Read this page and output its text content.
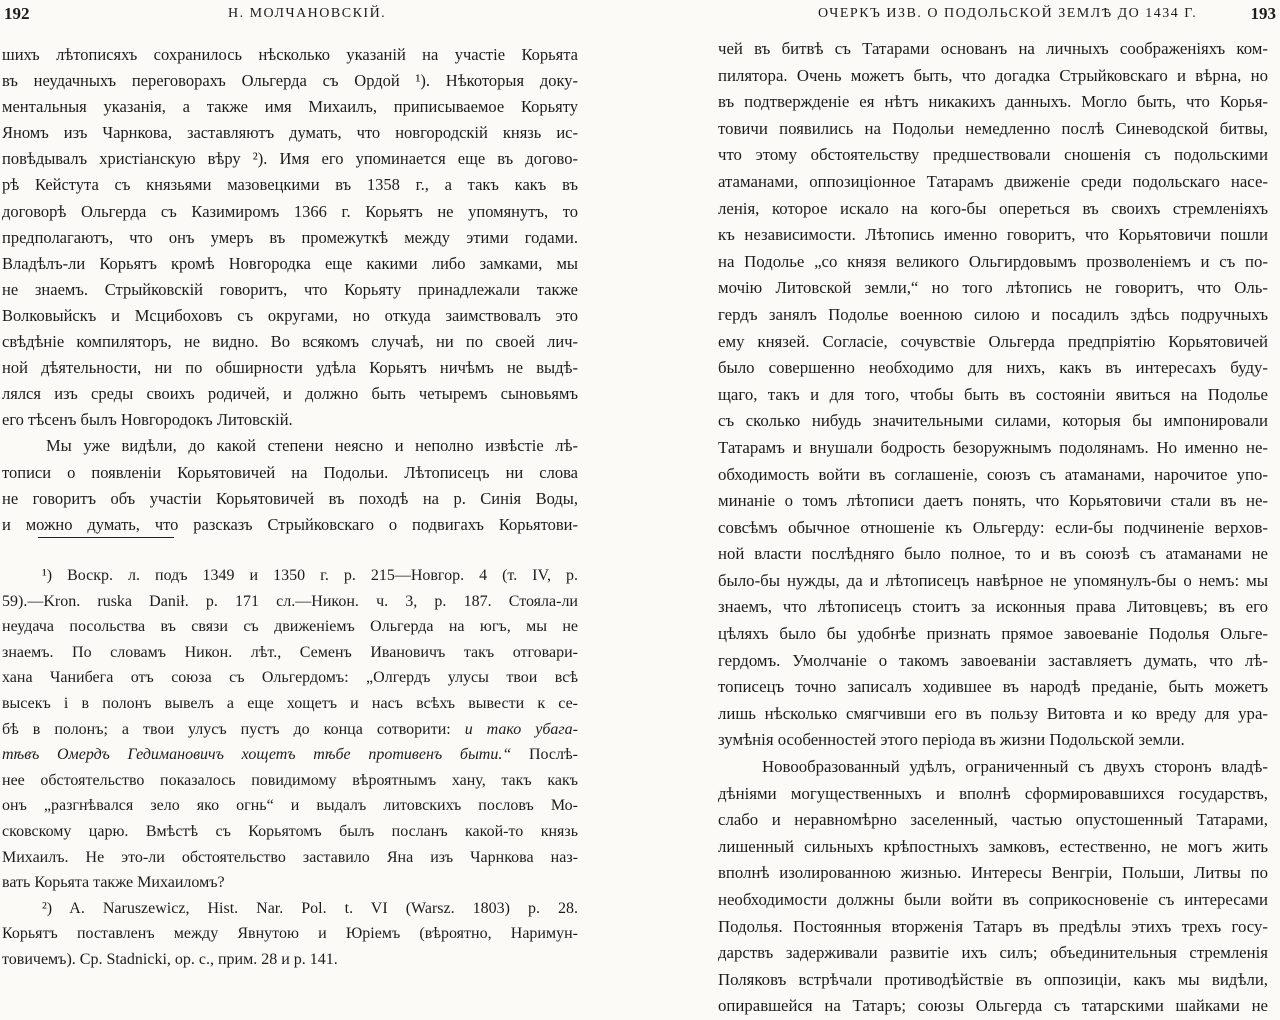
192	Н. МОЛЧАНОВСКІЙ.
шихъ лѣтописяхъ сохранилось нѣсколько указаній на участіе Корьята
въ неудачныхъ переговорахъ Ольгерда съ Ордой ¹). Нѣкоторыя доку-
ментальныя указанія, а также имя Михаилъ, приписываемое Корьяту
Яномъ изъ Чарнкова, заставляютъ думать, что новгородскій князь ис-
повѣдывалъ христіанскую вѣру ²). Имя его упоминается еще въ догово-
рѣ Кейстута съ князьями мазовецкими въ 1358 г., а такъ какъ въ
договорѣ Ольгерда съ Казимиромъ 1366 г. Корьятъ не упомянутъ, то
предполагаютъ, что онъ умеръ въ промежуткѣ между этими годами.
Владѣлъ-ли Корьятъ кромѣ Новгородка еще какими либо замками, мы
не знаемъ. Стрыйковскій говоритъ, что Корьяту принадлежали также
Волковыйскъ и Мсцибоховъ съ округами, но откуда заимствовалъ это
свѣдѣніе компиляторъ, не видно. Во всякомъ случаѣ, ни по своей лич-
ной дѣятельности, ни по обширности удѣла Корьятъ ничѣмъ не выдѣ-
лялся изъ среды своихъ родичей, и должно быть четыремъ сыновьямъ
его тѣсенъ былъ Новгородокъ Литовскій.
Мы уже видѣли, до какой степени неясно и неполно извѣстіе лѣ-
тописи о появленіи Корьятовичей на Подольи. Лѣтописецъ ни слова
не говоритъ объ участіи Корьятовичей въ походѣ на р. Синія Воды,
и можно думать, что разсказъ Стрыйковскаго о подвигахъ Корьятови-
¹) Воскр. л. подъ 1349 и 1350 г. р. 215—Новгор. 4 (т. IV, р.
59).—Kron. ruska Danił. p. 171 сл.—Никон. ч. 3, р. 187. Стояла-ли
неудача посольства въ связи съ движеніемъ Ольгерда на югъ, мы не
знаемъ. По словамъ Никон. лѣт., Семенъ Ивановичъ такъ отговари-
хана Чанибега отъ союза съ Ольгердомъ: „Олгердъ улусы твои всѣ
высекъ і в полонъ вывелъ а еще хощетъ и насъ всѣхъ вывести к се-
бѣ в полонъ; а твои улусъ пустъ до конца сотворити: и тако убага-
тѣвъ Омердъ Гедимановичъ хощетъ тѣбе противенъ быти.“ Послѣ-
нее обстоятельство показалось повидимому вѣроятнымъ хану, такъ какъ
онъ „разгнѣвался зело яко огнь“ и выдалъ литовскихъ пословъ Мо-
сковскому царю. Вмѣстѣ съ Корьятомъ былъ посланъ какой-то князь
Михаилъ. Не это-ли обстоятельство заставило Яна изъ Чарнкова наз-
вать Корьята также Михаиломъ?
²) A. Naruszewicz, Hist. Nar. Pol. t. VI (Warsz. 1803) p. 28.
Корьятъ поставленъ между Явнутою и Юріемъ (вѣроятно, Наримун-
товичемъ). Cp. Stadnicki, op. c., прим. 28 и р. 141.
ОЧЕРКЪ ИЗВ. О ПОДОЛЬСКОЙ ЗЕМЛѢ ДО 1434 Г.	193
чей въ битвѣ съ Татарами основанъ на личныхъ соображеніяхъ ком-
пилятора. Очень можетъ быть, что догадка Стрыйковскаго и вѣрна, но
въ подтвержденіе ея нѣтъ никакихъ данныхъ. Могло быть, что Корья-
товичи появились на Подольи немедленно послѣ Синеводской битвы,
что этому обстоятельству предшествовали сношенія съ подольскими
атаманами, оппозиціонное Татарамъ движеніе среди подольскаго насе-
ленія, которое искало на кого-бы опереться въ своихъ стремленіяхъ
къ независимости. Лѣтопись именно говоритъ, что Корьятовичи пошли
на Подолье „со князя великого Ольгирдовымъ прозволеніемъ и съ по-
мочію Литовской земли,“ но того лѣтопись не говоритъ, что Оль-
гердъ занялъ Подолье военною силою и посадилъ здѣсь подручныхъ
ему князей. Согласіе, сочувствіе Ольгерда предпріятію Корьятовичей
было совершенно необходимо для нихъ, какъ въ интересахъ буду-
щаго, такъ и для того, чтобы быть въ состояніи явиться на Подолье
съ сколько нибудь значительными силами, которыя бы импонировали
Татарамъ и внушали бодрость безоружнымъ подолянамъ. Но именно не-
обходимость войти въ соглашеніе, союзъ съ атаманами, нарочитое упо-
минаніе о томъ лѣтописи даетъ понять, что Корьятовичи стали въ не-
совсѣмъ обычное отношеніе къ Ольгерду: если-бы подчиненіе верхов-
ной власти послѣдняго было полное, то и въ союзѣ съ атаманами не
было-бы нужды, да и лѣтописецъ навѣрное не упомянулъ-бы о немъ: мы
знаемъ, что лѣтописецъ стоитъ за исконныя права Литовцевъ; въ его
цѣляхъ было бы удобнѣе признать прямое завоеваніе Подолья Ольге-
гердомъ. Умолчаніе о такомъ завоеваніи заставляетъ думать, что лѣ-
тописецъ точно записалъ ходившее въ народѣ преданіе, быть можетъ
лишь нѣсколько смягчивши его въ пользу Витовта и ко вреду для ура-
зумѣнія особенностей этого періода въ жизни Подольской земли.
Новообразованный удѣлъ, ограниченный съ двухъ сторонъ владѣ-
дѣніями могущественныхъ и вполнѣ сформировавшихся государствъ,
слабо и неравномѣрно заселенный, частью опустошенный Татарами,
лишенный сильныхъ крѣпостныхъ замковъ, естественно, не могъ жить
вполнѣ изолированною жизнью. Интересы Венгріи, Польши, Литвы по
необходимости должны были войти въ соприкосновеніе съ интересами
Подолья. Постоянныя вторженія Татаръ въ предѣлы этихъ трехъ госу-
дарствъ задерживали развитіе ихъ силъ; объединительныя стремленія
Поляковъ встрѣчали противодѣйствіе въ оппозиціи, какъ мы видѣли,
опиравшейся на Татаръ; союзы Ольгерда съ татарскими шайками не
